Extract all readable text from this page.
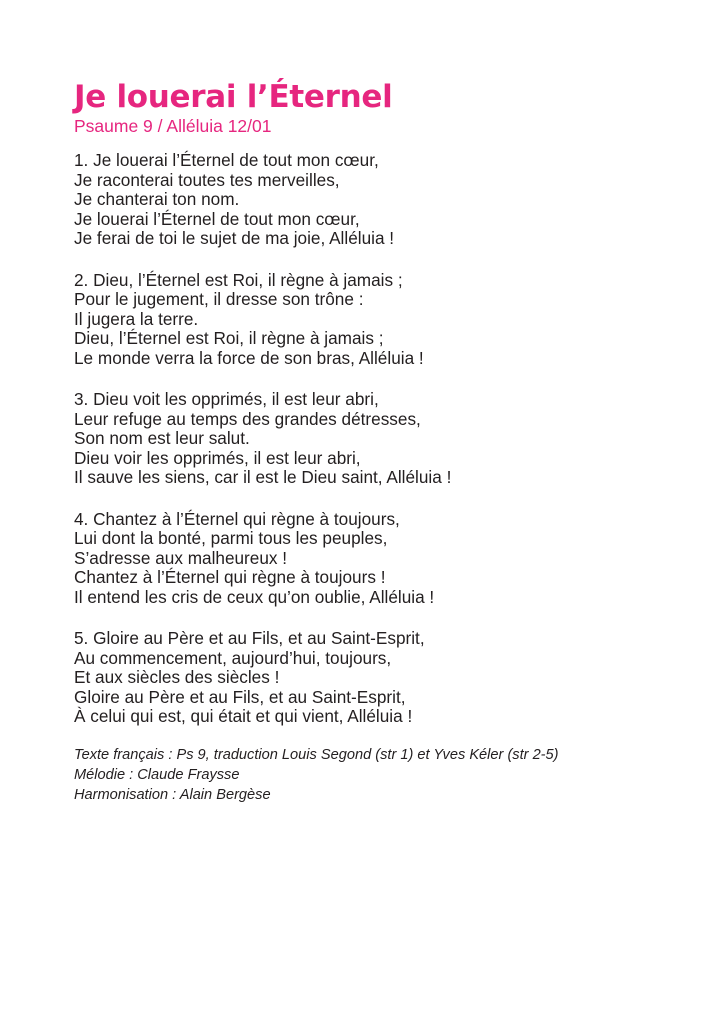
Je louerai l’Éternel
Psaume 9 / Alléluia 12/01
1. Je louerai l’Éternel de tout mon cœur,
Je raconterai toutes tes merveilles,
Je chanterai ton nom.
Je louerai l’Éternel de tout mon cœur,
Je ferai de toi le sujet de ma joie, Alléluia !
2. Dieu, l’Éternel est Roi, il règne à jamais ;
Pour le jugement, il dresse son trône :
Il jugera la terre.
Dieu, l’Éternel est Roi, il règne à jamais ;
Le monde verra la force de son bras, Alléluia !
3. Dieu voit les opprimés, il est leur abri,
Leur refuge au temps des grandes détresses,
Son nom est leur salut.
Dieu voir les opprimés, il est leur abri,
Il sauve les siens, car il est le Dieu saint, Alléluia !
4. Chantez à l’Éternel qui règne à toujours,
Lui dont la bonté, parmi tous les peuples,
S’adresse aux malheureux !
Chantez à l’Éternel qui règne à toujours !
Il entend les cris de ceux qu’on oublie, Alléluia !
5. Gloire au Père et au Fils, et au Saint-Esprit,
Au commencement, aujourd’hui, toujours,
Et aux siècles des siècles !
Gloire au Père et au Fils, et au Saint-Esprit,
À celui qui est, qui était et qui vient, Alléluia !
Texte français : Ps 9, traduction Louis Segond (str 1) et Yves Kéler (str 2-5)
Mélodie : Claude Fraysse
Harmonisation : Alain Bergèse
